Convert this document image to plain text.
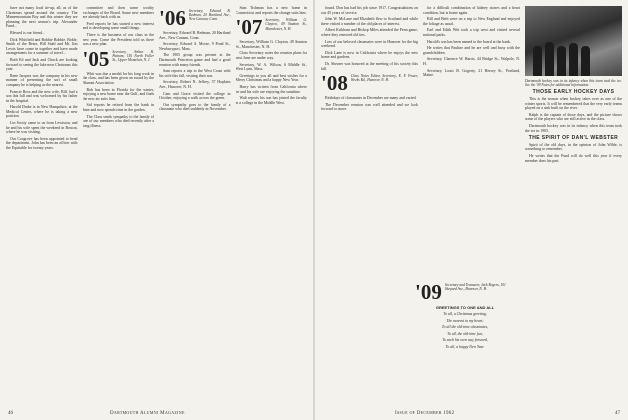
have not many local tie-up, all, as of the Christmas spread around the country. The Minnemountain Boy and this winter they are planning the next season's trip. Alexander Fund...

Blessed is our friend...

Dick Whitfield and Bobbie Bobbie, Boble, Smith of the Bears, Bill Stahl and Mr. Jim Lewis have come in together and have made arrangements for a summer of travel...

Both Ed and Jack and Chuck are looking forward to seeing the lake near Christmas this year.

Rene Jacques was the company in his new manner of presenting the sort of small company he is helping as the nearest.

Francie Ross and the new wife, Bill, had a son this fall and was welcomed by his father in the hospital.

Harold Drake is in New Hampshire, at the Medical Center, where he is taking a new position.

Lin Scotty came to us from Lewiston, and he and his wife spent the weekend in Boston, where he was visiting.

Our Cosgrove has been appointed to head the department. John has been an officer with the Equitable for twenty years.

committee and then some worthy exchanges of the Board. Some new members are already back with us.

Fred reports he has started a new interest and is developing some small things.

There is the business of our class in the new year. Come the President told us there was a new plan.

'05 Secretary, Arthur H. Putnam, 150 North Fuller St., Upper Montclair, N. J.

Whit was due a medal for his long work in the class, and has been given an award by the Alumni Association.

Bob has been in Florida for the winter, enjoying a new home near the Gulf, and finds the new air suits him.

Sid reports he retired from the bank in June and now spends time in the garden.

The Class sends sympathy to the family of one of our members who died recently after a long illness.

'06 Secretary, Edward B. Redman, 20 Hartland Ave., New Canaan, Conn.

Secretary, Edward B. Redman, 20 Hartland Ave., New Canaan, Conn.

Secretary, Edward S. Morse, 9 Pond St., Newburyport, Mass.

The 1905 group was present at the Dartmouth Princeton game and had a good reunion with many friends.

Sam reports a trip to the West Coast with his wife this fall, visiting their son.

Secretary, Robert N. Jeffrey, 37 Hopkins Ave., Hanover, N. H.

Cam and Grace visited the college in October, enjoying a walk across the green.

Our sympathy goes to the family of a classmate who died suddenly in November.

Stan Tishman has a new home in Connecticut and reports the change suits him.

'07 Secretary, William G. Clayton, 49 Stanton St., Manchester, N. H.

Secretary, William G. Clayton, 49 Stanton St., Manchester, N. H.

Class Secretary notes the reunion plans for next June are under way.

Secretary, W. A. Wilson, 6 Middle St., West Lynn, Mass.

Greetings to you all and best wishes for a Merry Christmas and a happy New Year.

Harry has written from California where he and his wife are enjoying the sunshine.

Walt reports his son has joined the faculty at a college in the Middle West.

46	Dartmouth Alumni Magazine

found. Don has had his job since 1917, Congratulations on our 45 years of service.

John W. McLane and Elizabeth flew to Scotland and while there visited a number of the old places of interest.

Albert Kirkham and Bishop Miles attended the Penn game, where they renewed old ties.

Lots of our beloved classmates were in Hanover for the big weekend.

Dick Lane is now in California where he enjoys the new home and gardens.

Dr. Shearer was honored at the meeting of his society this fall.

'08 Class Notes Editor, Secretary, E. F. Foster, Weeks Rd., Hanover, N. H.

Birthdays of classmates in December are many and varied.

The December reunion was well attended and we look forward to more.

for a difficult combination of kidney stones and a heart condition, but is home again.

Bill and Beth were on a trip to New England and enjoyed the foliage as usual.

Earl and Edith Witt took a trip west and visited several national parks.

Harold's son has been named to the board at the bank.

He writes that Pauline and he are well and busy with the grandchildren.

Secretary, Clarence W. Harris, 44 Bridge St., Walpole, N. H.

Secretary, Louis B. Gogerty, 21 Hersey St., Portland, Maine.

Dartmouth hockey was in its infancy when this team took the ice. See the '09 Notes for additional information.
THOSE EARLY HOCKEY DAYS

This is the season when hockey takes over as one of the winter sports. It will be remembered that the very early teams played on a rink built on the river.

Ralph is the captain of those days, and the picture shows some of the players who are still active in the class.

Dartmouth hockey was in its infancy when this team took the ice in 1905.

THE SPIRIT OF DAN'L WEBSTER

Spirit of the old days, in the opinion of John Wilde, is something to remember.

He writes that the Fund will do well this year if every member does his part.

47
Issue of December 1962
'09 Secretary and Treasurer, Jack Rogers, 101 Shepard Ave., Hanover, N. H.
GREETINGS TO ONE AND ALL
To all, a Christmas greeting,
The nearest to my heart;
To all the old-time classmates,
To all, the old-time fun;
To each his own way forward,
To all, a happy New Year.
